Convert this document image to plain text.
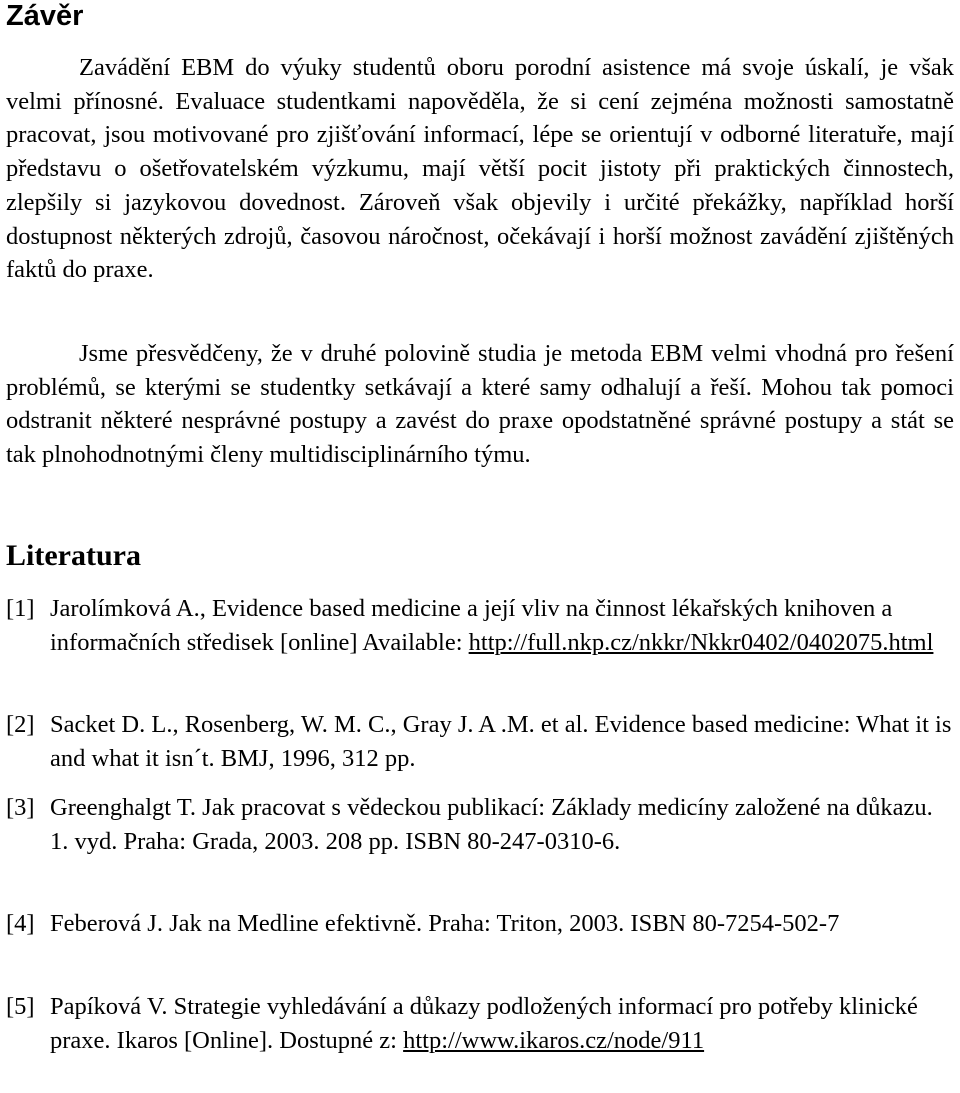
Závěr

Zavádění EBM do výuky studentů oboru porodní asistence má svoje úskalí, je však velmi přínosné. Evaluace studentkami napověděla, že si cení zejména možnosti samostatně pracovat, jsou motivované pro zjišťování informací, lépe se orientují v odborné literatuře, mají představu o ošetřovatelském výzkumu, mají větší pocit jistoty při praktických činnostech, zlepšily si jazykovou dovednost. Zároveň však objevily i určité překážky, například horší dostupnost některých zdrojů, časovou náročnost, očekávají i horší možnost zavádění zjištěných faktů do praxe.

Jsme přesvědčeny, že v druhé polovině studia je metoda EBM velmi vhodná pro řešení problémů, se kterými se studentky setkávají a které samy odhalují a řeší. Mohou tak pomoci odstranit některé nesprávné postupy a zavést do praxe opodstatněné správné postupy a stát se tak plnohodnotnými členy multidisciplinárního týmu.

Literatura
[1] Jarolímková A., Evidence based medicine a její vliv na činnost lékařských knihoven a informačních středisek [online] Available: http://full.nkp.cz/nkkr/Nkkr0402/0402075.html
[2] Sacket D. L., Rosenberg, W. M. C., Gray J. A .M. et al. Evidence based medicine: What it is and what it isn´t. BMJ, 1996, 312 pp.
[3] Greenghalgt T. Jak pracovat s vědeckou publikací: Základy medicíny založené na důkazu. 1. vyd. Praha: Grada, 2003. 208 pp. ISBN 80-247-0310-6.
[4] Feberová J. Jak na Medline efektivně. Praha: Triton, 2003. ISBN 80-7254-502-7
[5] Papíková V. Strategie vyhledávání a důkazy podložených informací pro potřeby klinické praxe. Ikaros [Online]. Dostupné z: http://www.ikaros.cz/node/911
